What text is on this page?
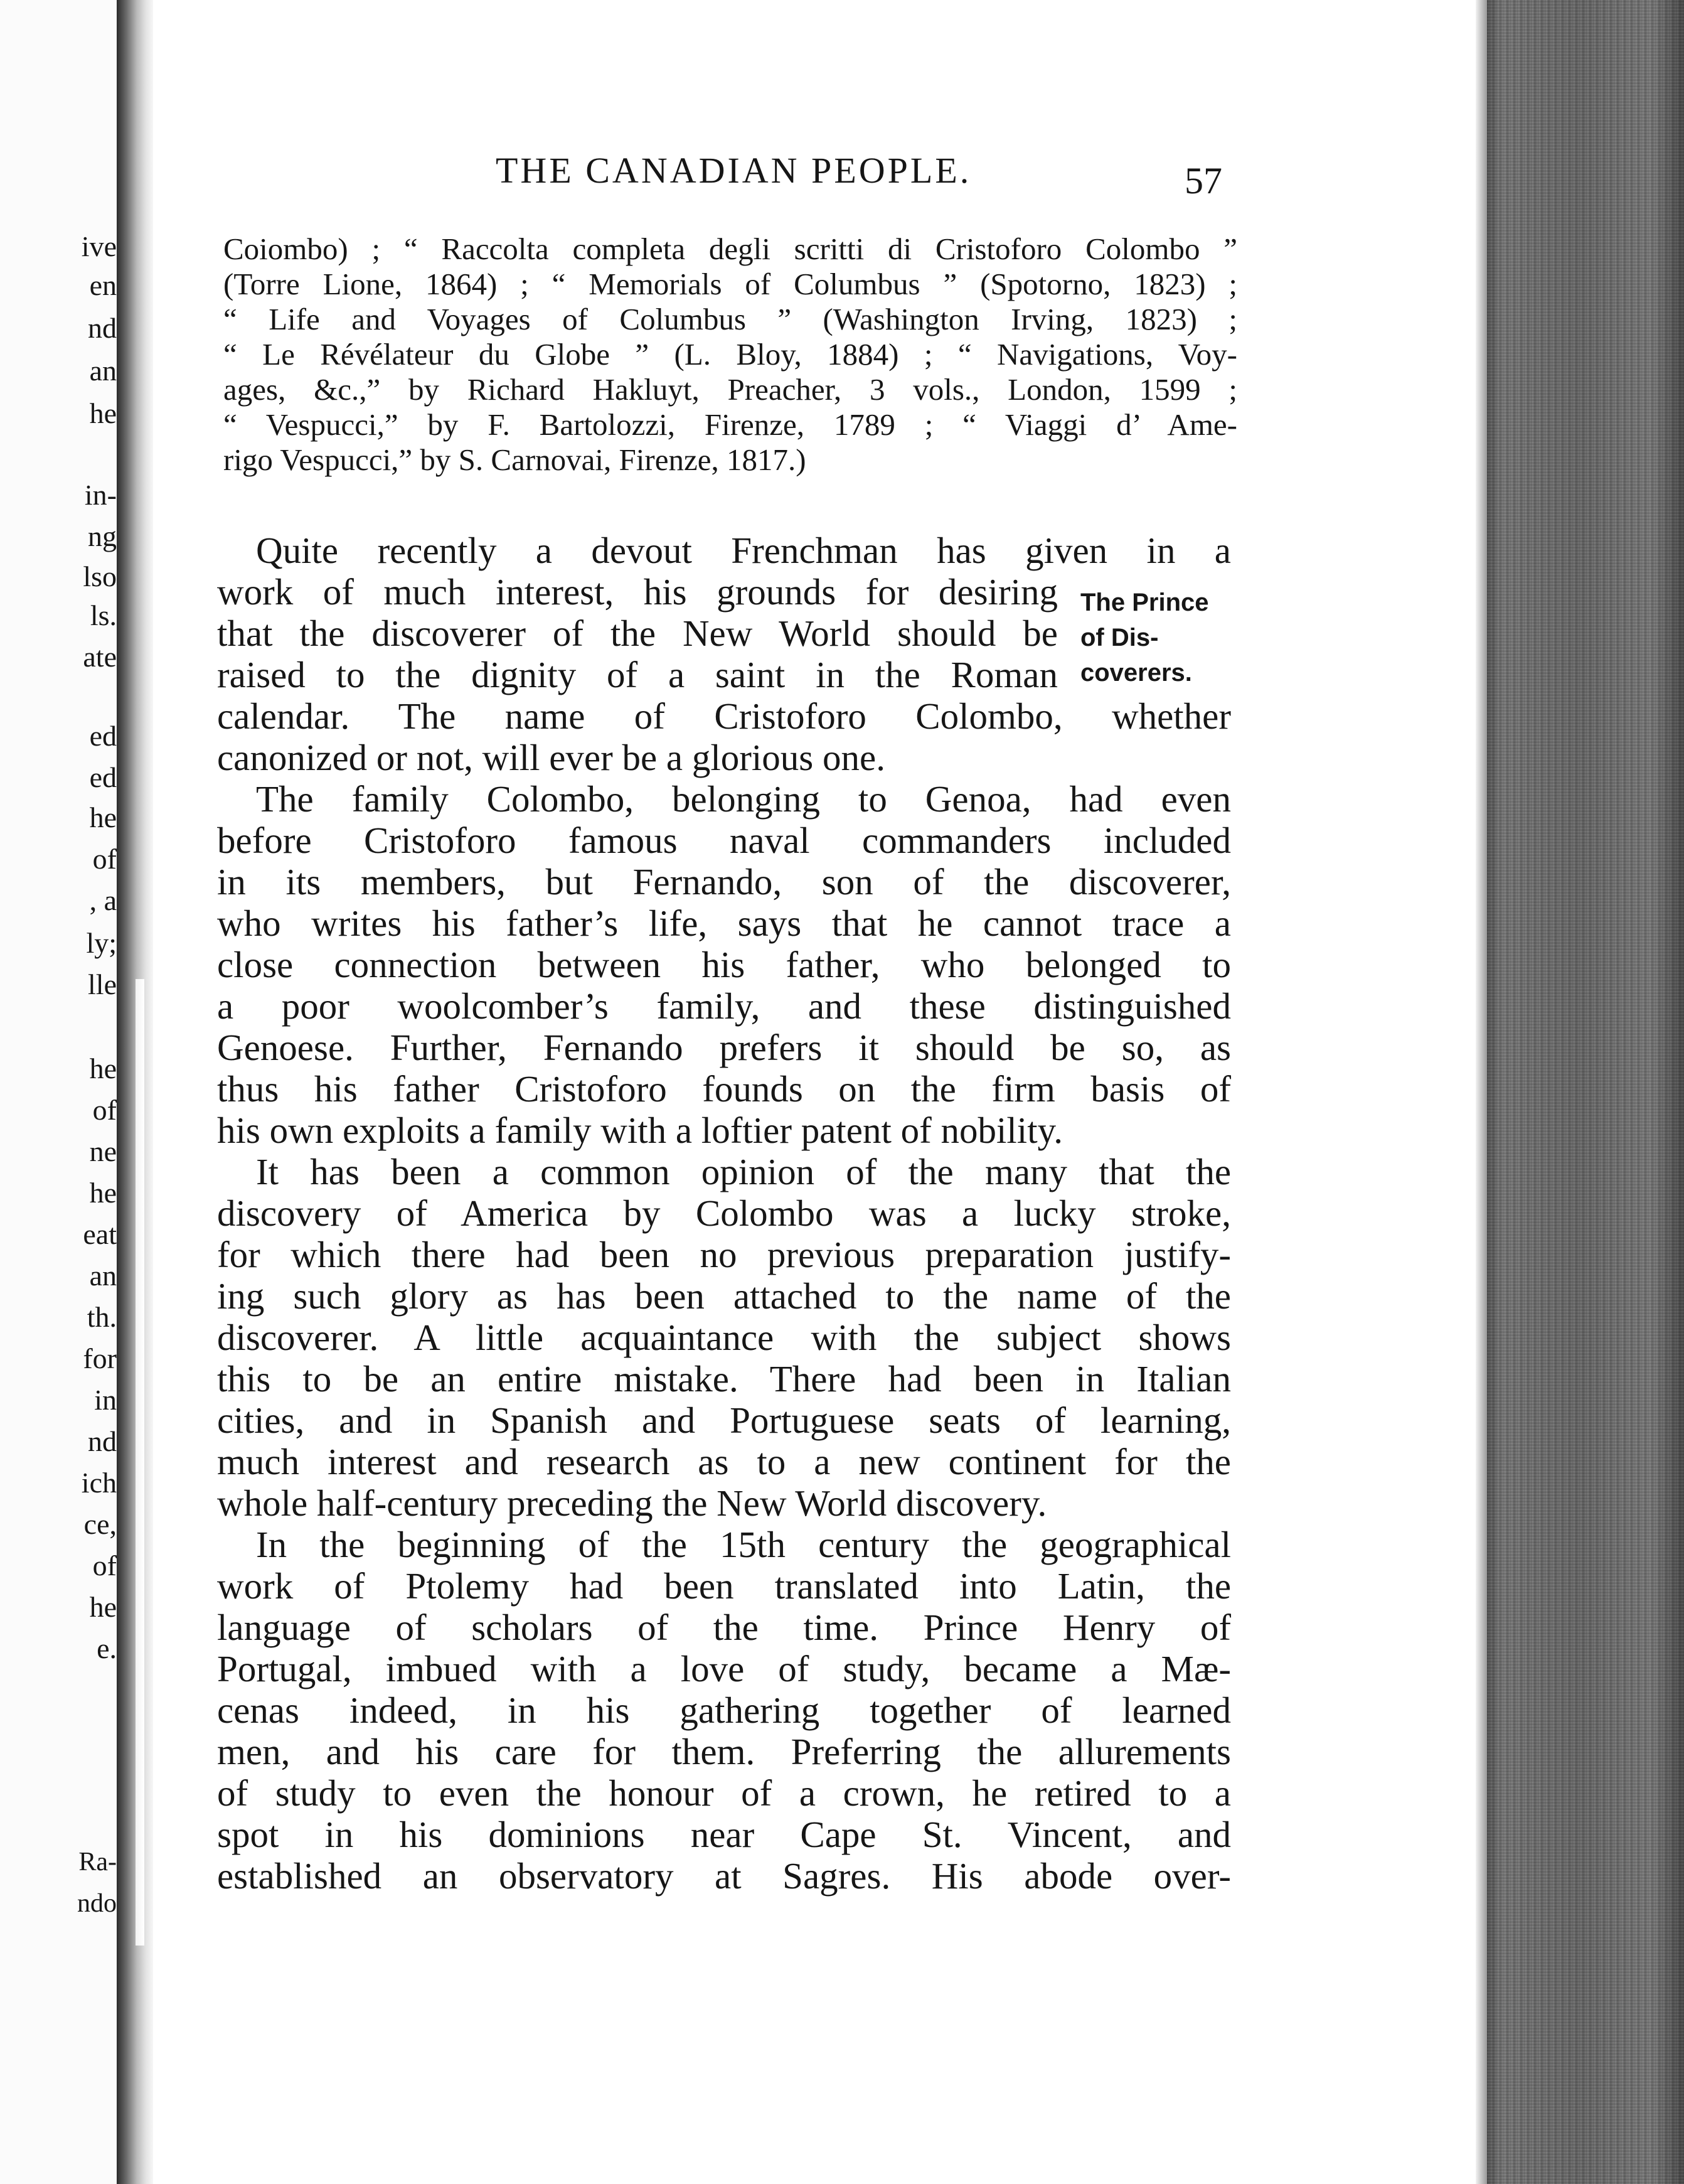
ive
en
nd
an
he
in-
ng
lso
ls.
ate
ed
ed
he
of
, a
ly;
lle
he
of
ne
he
eat
an
th.
for
in
nd
ich
ce,
of
he
e.
Ra-
ndo
THE CANADIAN PEOPLE.	57
Coiombo) ; “ Raccolta completa degli scritti di Cristoforo Colombo ”
(Torre Lione, 1864) ; “ Memorials of Columbus ” (Spotorno, 1823) ;
“ Life and Voyages of Columbus ” (Washington Irving, 1823) ;
“ Le Révélateur du Globe ” (L. Bloy, 1884) ; “ Navigations, Voy-
ages, &c.,” by Richard Hakluyt, Preacher, 3 vols., London, 1599 ;
“ Vespucci,” by F. Bartolozzi, Firenze, 1789 ; “ Viaggi d’ Ame-
rigo Vespucci,” by S. Carnovai, Firenze, 1817.)
The Prince
of Dis-
coverers.
Quite recently a devout Frenchman has given in a
work of much interest, his grounds for desiring
that the discoverer of the New World should be
raised to the dignity of a saint in the Roman
calendar. The name of Cristoforo Colombo, whether
canonized or not, will ever be a glorious one.
The family Colombo, belonging to Genoa, had even
before Cristoforo famous naval commanders included
in its members, but Fernando, son of the discoverer,
who writes his father’s life, says that he cannot trace a
close connection between his father, who belonged to
a poor woolcomber’s family, and these distinguished
Genoese. Further, Fernando prefers it should be so, as
thus his father Cristoforo founds on the firm basis of
his own exploits a family with a loftier patent of nobility.
It has been a common opinion of the many that the
discovery of America by Colombo was a lucky stroke,
for which there had been no previous preparation justify-
ing such glory as has been attached to the name of the
discoverer. A little acquaintance with the subject shows
this to be an entire mistake. There had been in Italian
cities, and in Spanish and Portuguese seats of learning,
much interest and research as to a new continent for the
whole half-century preceding the New World discovery.
In the beginning of the 15th century the geographical
work of Ptolemy had been translated into Latin, the
language of scholars of the time. Prince Henry of
Portugal, imbued with a love of study, became a Mæ-
cenas indeed, in his gathering together of learned
men, and his care for them. Preferring the allurements
of study to even the honour of a crown, he retired to a
spot in his dominions near Cape St. Vincent, and
established an observatory at Sagres. His abode over-
